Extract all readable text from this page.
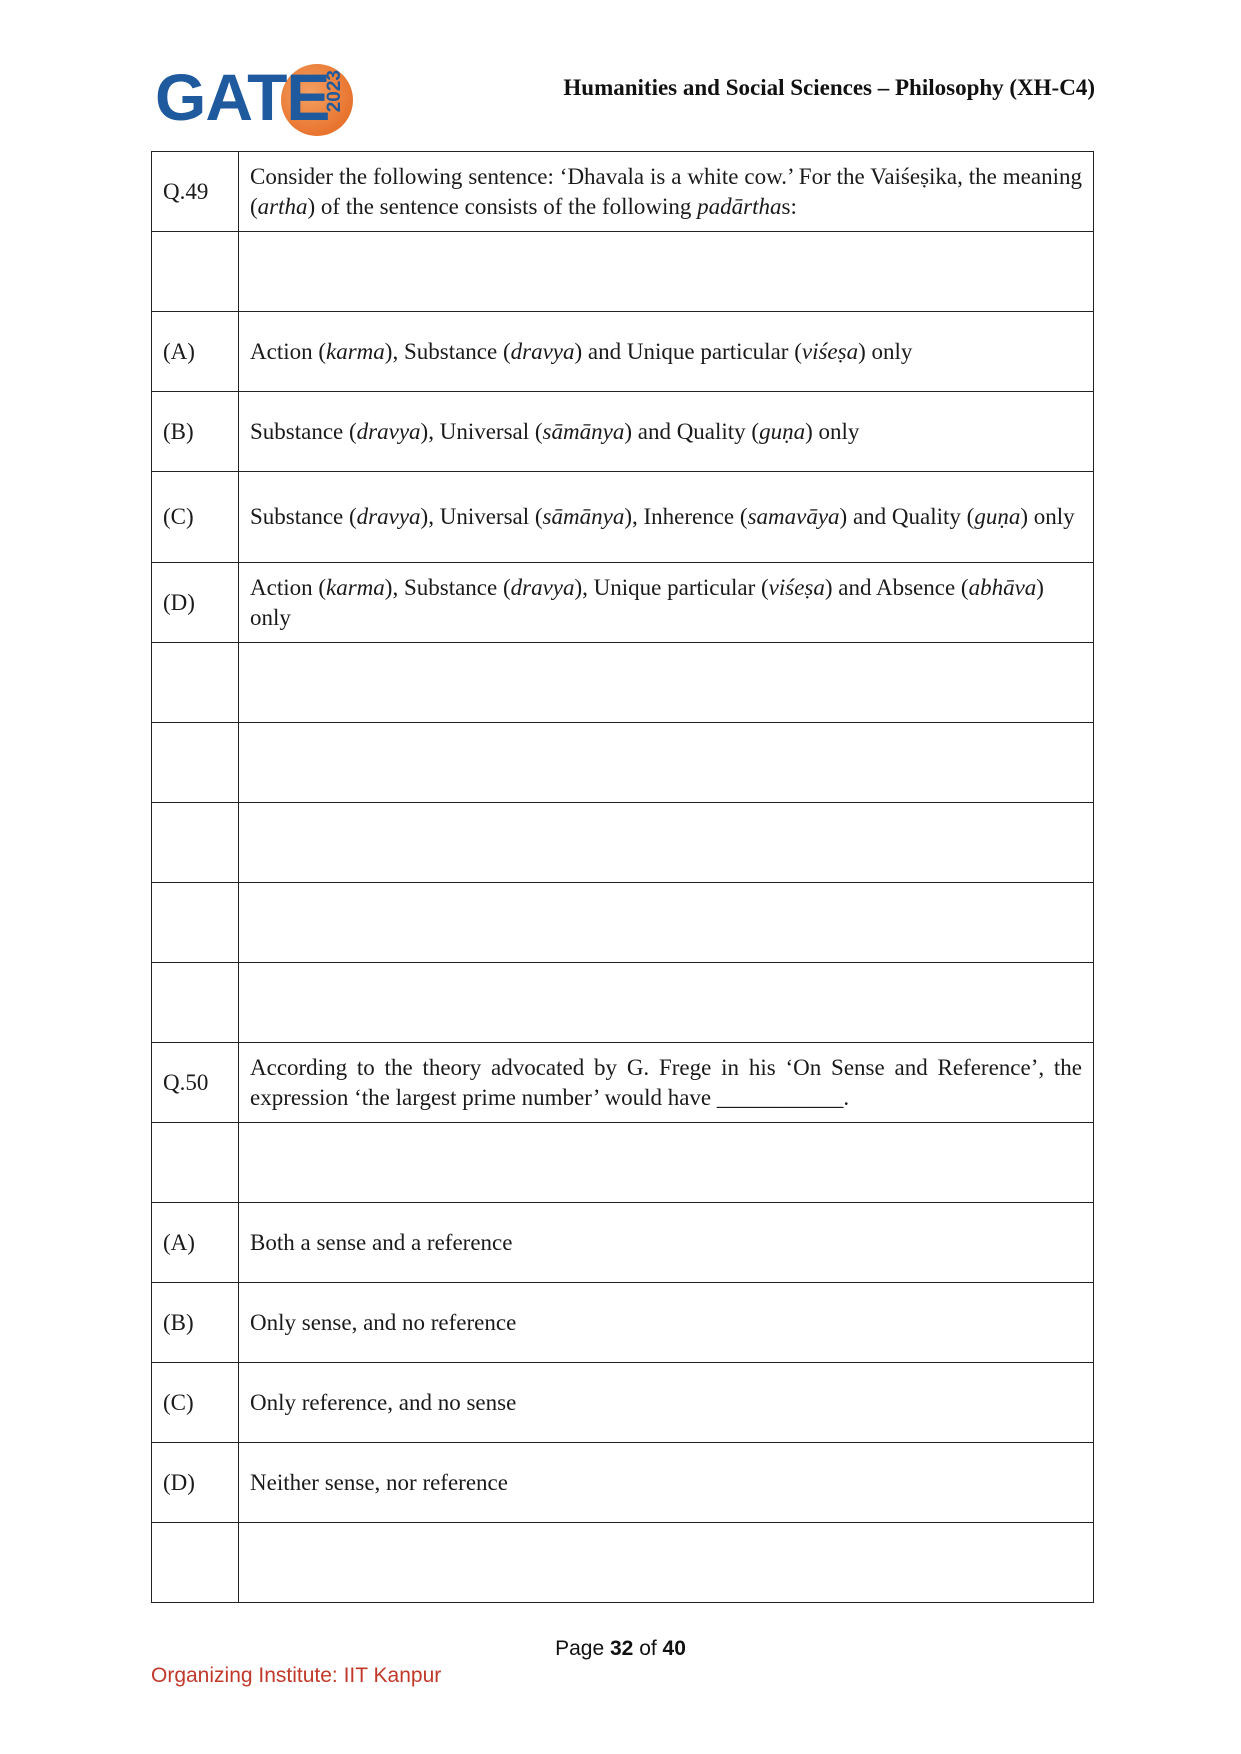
GATE
2023	Humanities and Social Sciences – Philosophy (XH-C4)
Q.49	Consider the following sentence: ‘Dhavala is a white cow.’ For the Vaiśeṣika, the meaning (artha) of the sentence consists of the following padārthas:

(A)	Action (karma), Substance (dravya) and Unique particular (viśeṣa) only
(B)	Substance (dravya), Universal (sāmānya) and Quality (guṇa) only
(C)	Substance (dravya), Universal (sāmānya), Inherence (samavāya) and Quality (guṇa) only
(D)	Action (karma), Substance (dravya), Unique particular (viśeṣa) and Absence (abhāva) only

Q.50	According to the theory advocated by G. Frege in his ‘On Sense and Reference’, the expression ‘the largest prime number’ would have ___________.

(A)	Both a sense and a reference
(B)	Only sense, and no reference
(C)	Only reference, and no sense
(D)	Neither sense, nor reference

Page 32 of 40
Organizing Institute: IIT Kanpur
